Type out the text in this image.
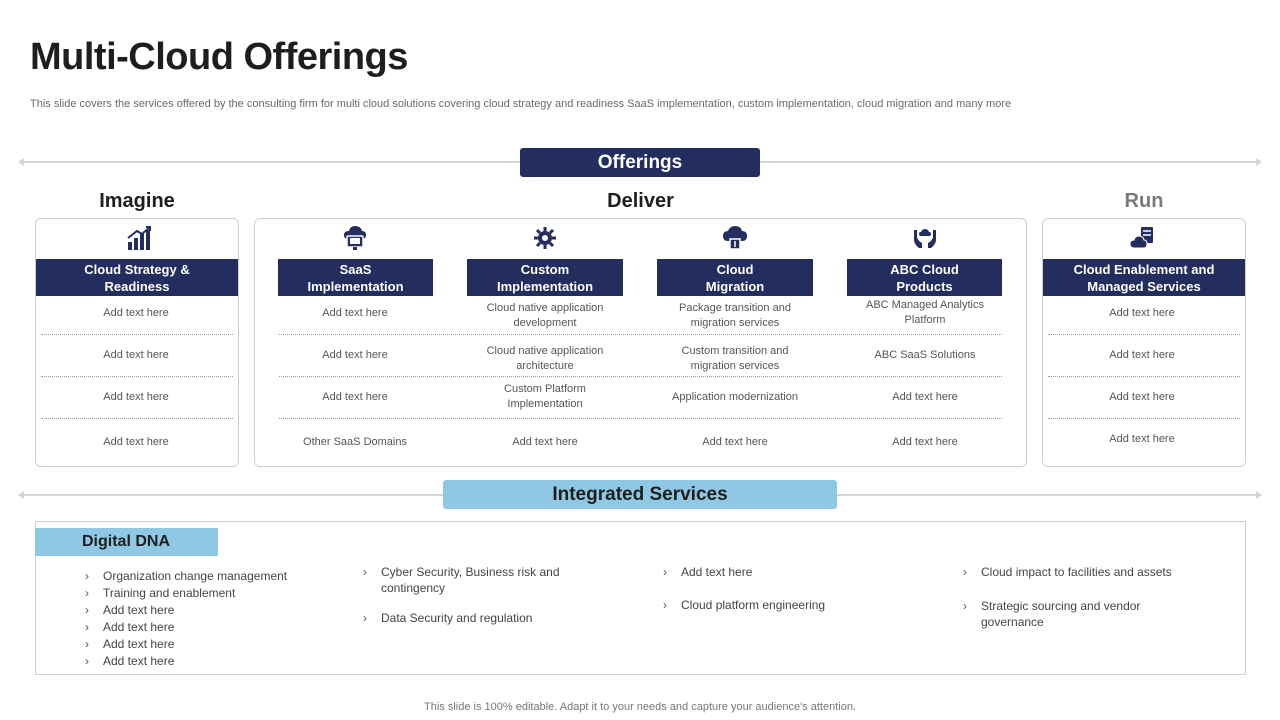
Multi-Cloud Offerings
This slide covers the services offered by the consulting firm for multi cloud solutions covering cloud strategy and readiness SaaS implementation, custom implementation, cloud migration and many more
Offerings
Imagine	Deliver	Run
Cloud Strategy &
Readiness
Add text here
Add text here
Add text here
Add text here
SaaS
Implementation
Add text here
Add text here
Add text here
Other SaaS Domains
Custom
Implementation
Cloud native application development
Cloud native application architecture
Custom Platform Implementation
Add text here
Cloud
Migration
Package transition and migration services
Custom transition and migration services
Application modernization
Add text here
ABC Cloud
Products
ABC Managed Analytics Platform
ABC SaaS Solutions
Add text here
Add text here
Cloud Enablement and
Managed Services
Add text here
Add text here
Add text here
Add text here
Integrated Services
Digital DNA
› Organization change management
› Training and enablement
› Add text here
› Add text here
› Add text here
› Add text here
› Cyber Security, Business risk and contingency
› Data Security and regulation
› Add text here
› Cloud platform engineering
› Cloud impact to facilities and assets
› Strategic sourcing and vendor governance
This slide is 100% editable. Adapt it to your needs and capture your audience's attention.
